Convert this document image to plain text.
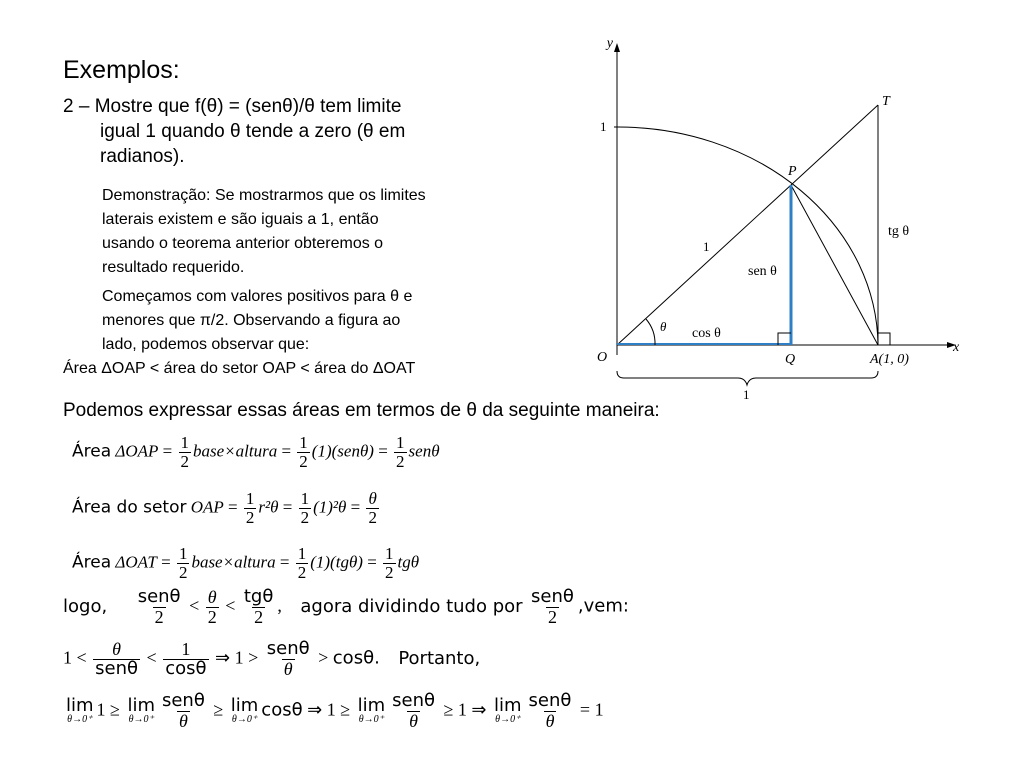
Exemplos:
2 – Mostre que f(θ) = (senθ)/θ tem limite
igual 1 quando θ tende a zero (θ em
radianos).
Demonstração: Se mostrarmos que os limites
laterais existem e são iguais a 1, então
usando o teorema anterior obteremos o
resultado requerido.
Começamos com valores positivos para θ e
menores que π/2. Observando a figura ao
lado, podemos observar que:
Área ΔOAP < área do setor OAP < área do ΔOAT
Podemos expressar essas áreas em termos de θ da seguinte maneira:
y
x
1
T
P
O	Q	A(1, 0)
1
tg θ
sen θ
cos θ
θ
1
Área $\Delta OAP = \frac{1}{2}$ base×altura = $\frac{1}{2} (1)(sen\theta) = \frac{1}{2}$ senθ
Área do setor OAP = $\frac{1}{2} r^2\theta = \frac{1}{2} (1)^2\theta = \frac{\theta}{2}$
Área $\Delta OAT = \frac{1}{2}$ base×altura = $\frac{1}{2} (1)(tg\theta) = \frac{1}{2}$ tgθ
logo, $\frac{\text{senθ}}{2} < \frac{\theta}{2} < \frac{\text{tgθ}}{2}$ , agora dividindo tudo por $\frac{\text{senθ}}{2} ,vem$:
$1 < \frac{\theta}{\text{senθ}} < \frac{1}{\cos\theta}$ ⇒ $1 > \frac{\text{senθ}}{\theta} > \cos\theta$. Portanto,
lim
θ→0⁺
1 ≥ lim
$\theta\to 0^+ \frac{\text{senθ}}{\theta} \ge \lim$
θ→0⁺ cosθ ⇒ 1 ≥ lim
$\theta\to 0^+ \frac{\text{senθ}}{\theta} \ge 1$ ⇒ lim
$\theta\to 0^+ \frac{\text{senθ}}{\theta} = 1$
